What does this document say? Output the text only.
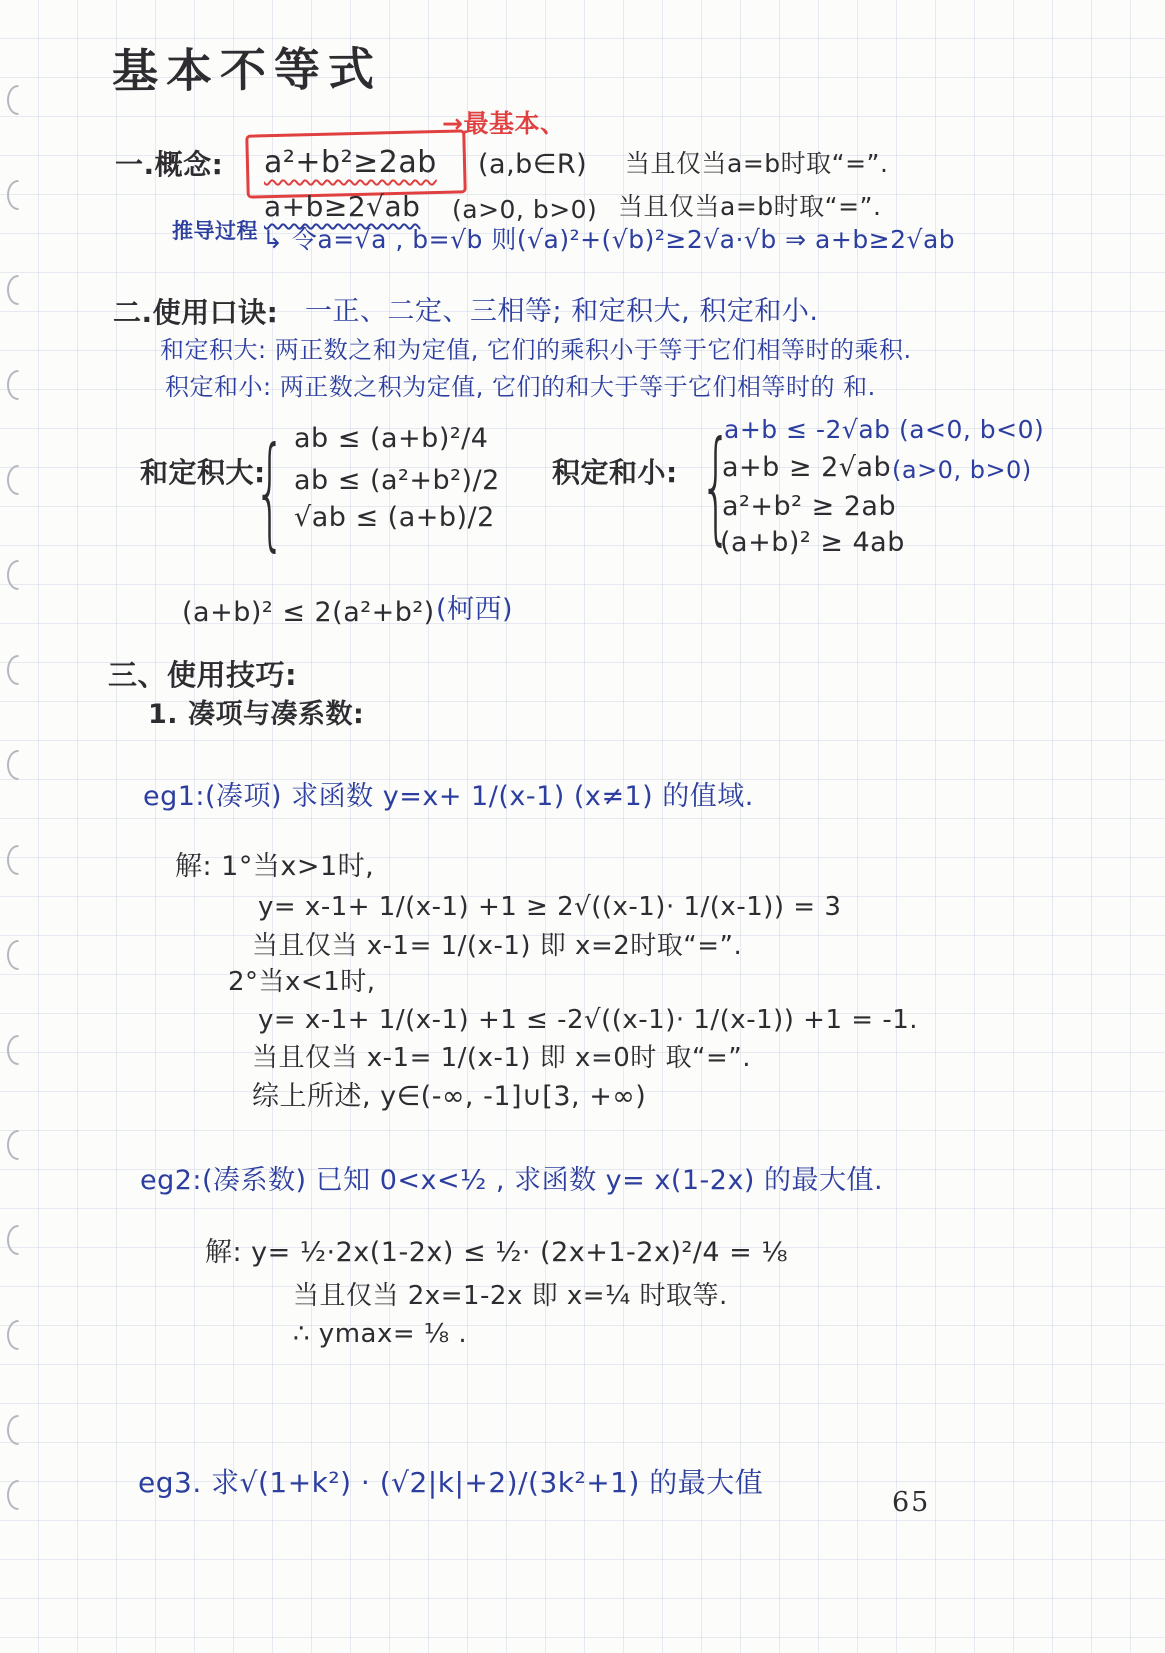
基本不等式
一.概念: a²+b²≥2ab
→最基本、
(a,b∈R) 当且仅当a=b时取“=”.
a+b≥2√ab (a>0, b>0) 当且仅当a=b时取“=”.
推导过程 ↳ 令a=√a , b=√b 则(√a)²+(√b)²≥2√a·√b ⇒ a+b≥2√ab
二.使用口诀: 一正、二定、三相等; 和定积大, 积定和小.
和定积大: 两正数之和为定值, 它们的乘积小于等于它们相等时的乘积.
积定和小: 两正数之积为定值, 它们的和大于等于它们相等时的 和.
和定积大:
{ ab ≤ (a+b)²/4
ab ≤ (a²+b²)/2
√ab ≤ (a+b)/2
积定和小: {
a+b ≤ -2√ab (a<0, b<0)
a+b ≥ 2√ab (a>0, b>0)
a²+b² ≥ 2ab
(a+b)² ≥ 4ab
(a+b)² ≤ 2(a²+b²) (柯西)
三、使用技巧:
1. 凑项与凑系数:
eg1:(凑项) 求函数 y=x+ 1/(x-1) (x≠1) 的值域.
解: 1°当x>1时,
y= x-1+ 1/(x-1) +1 ≥ 2√((x-1)· 1/(x-1)) = 3
当且仅当 x-1= 1/(x-1) 即 x=2时取“=”.
2°当x<1时,
y= x-1+ 1/(x-1) +1 ≤ -2√((x-1)· 1/(x-1)) +1 = -1.
当且仅当 x-1= 1/(x-1) 即 x=0时 取“=”.
综上所述, y∈(-∞, -1]∪[3, +∞)
eg2:(凑系数) 已知 0<x<½ , 求函数 y= x(1-2x) 的最大值.
解: y= ½·2x(1-2x) ≤ ½· (2x+1-2x)²/4 = ⅛
当且仅当 2x=1-2x 即 x=¼ 时取等.
∴ ymax= ⅛ .
eg3. 求√(1+k²) · (√2|k|+2)/(3k²+1) 的最大值
65
